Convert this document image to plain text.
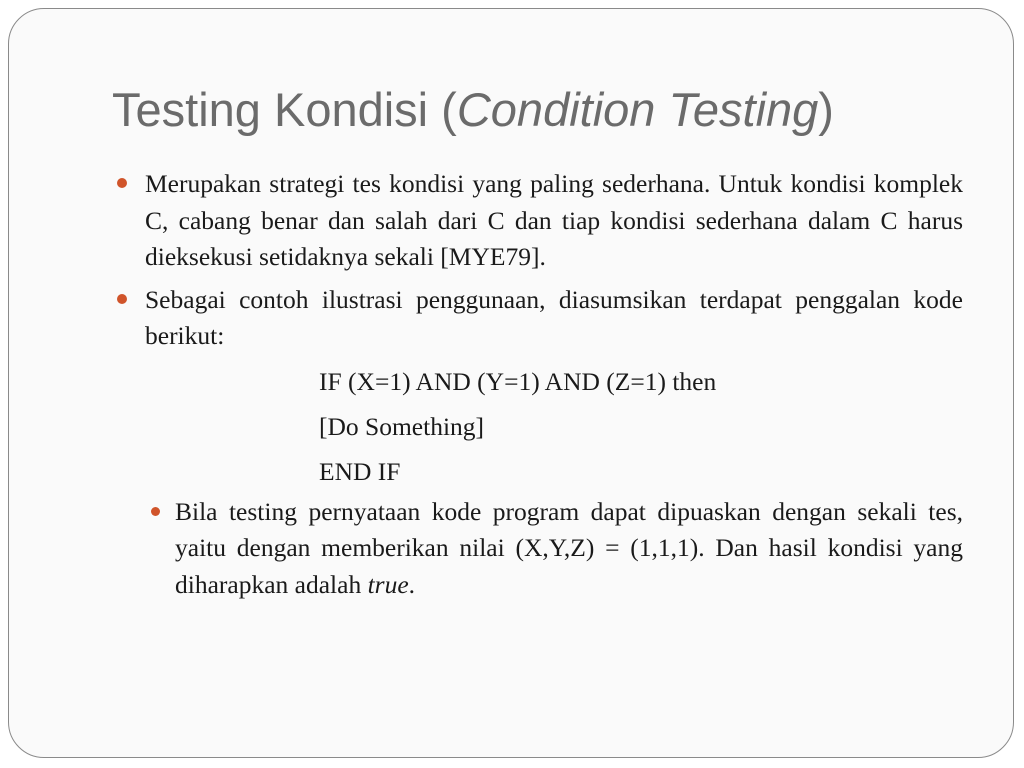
Testing Kondisi (Condition Testing)
Merupakan strategi tes kondisi yang paling sederhana. Untuk kondisi komplek C, cabang benar dan salah dari C dan tiap kondisi sederhana dalam C harus dieksekusi setidaknya sekali [MYE79].
Sebagai contoh ilustrasi penggunaan, diasumsikan terdapat penggalan kode berikut:
IF (X=1) AND (Y=1) AND (Z=1) then
[Do Something]
END IF
Bila testing pernyataan kode program dapat dipuaskan dengan sekali tes, yaitu dengan memberikan nilai (X,Y,Z) = (1,1,1). Dan hasil kondisi yang diharapkan adalah true.
